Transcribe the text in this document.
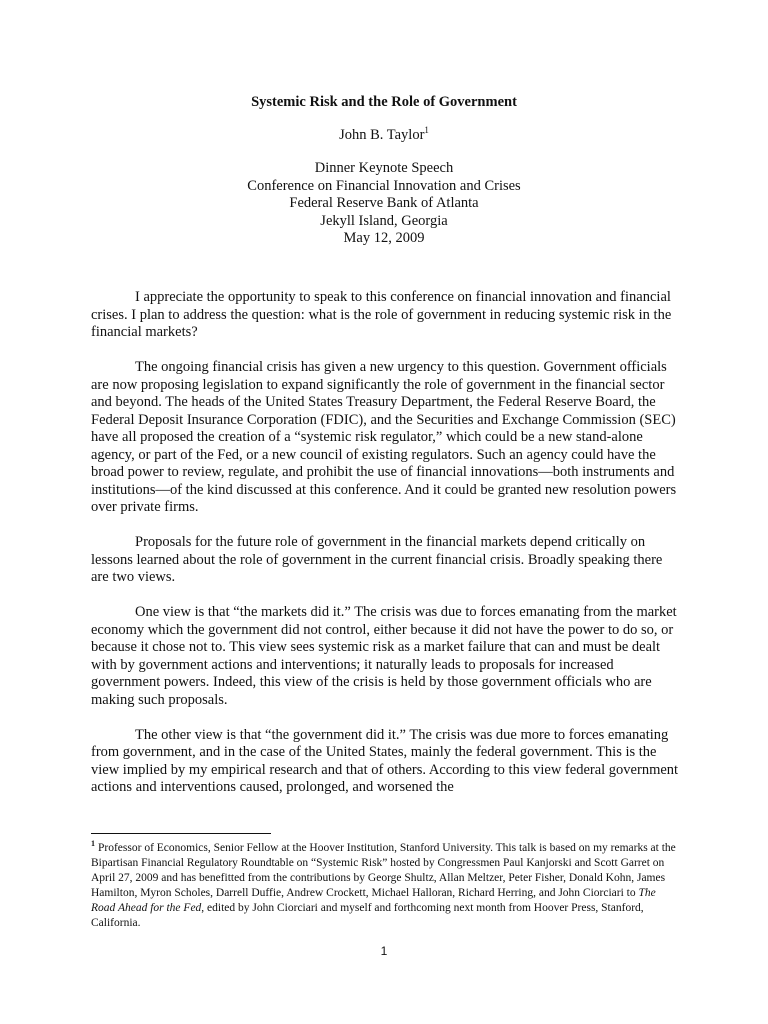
Systemic Risk and the Role of Government
John B. Taylor$^1$
Dinner Keynote Speech
Conference on Financial Innovation and Crises
Federal Reserve Bank of Atlanta
Jekyll Island, Georgia
May 12, 2009

I appreciate the opportunity to speak to this conference on financial innovation and financial crises. I plan to address the question: what is the role of government in reducing systemic risk in the financial markets?

The ongoing financial crisis has given a new urgency to this question. Government officials are now proposing legislation to expand significantly the role of government in the financial sector and beyond. The heads of the United States Treasury Department, the Federal Reserve Board, the Federal Deposit Insurance Corporation (FDIC), and the Securities and Exchange Commission (SEC) have all proposed the creation of a “systemic risk regulator,” which could be a new stand-alone agency, or part of the Fed, or a new council of existing regulators. Such an agency could have the broad power to review, regulate, and prohibit the use of financial innovations—both instruments and institutions—of the kind discussed at this conference. And it could be granted new resolution powers over private firms.

Proposals for the future role of government in the financial markets depend critically on lessons learned about the role of government in the current financial crisis. Broadly speaking there are two views.

One view is that “the markets did it.” The crisis was due to forces emanating from the market economy which the government did not control, either because it did not have the power to do so, or because it chose not to. This view sees systemic risk as a market failure that can and must be dealt with by government actions and interventions; it naturally leads to proposals for increased government powers. Indeed, this view of the crisis is held by those government officials who are making such proposals.

The other view is that “the government did it.” The crisis was due more to forces emanating from government, and in the case of the United States, mainly the federal government. This is the view implied by my empirical research and that of others. According to this view federal government actions and interventions caused, prolonged, and worsened the

$^1$ Professor of Economics, Senior Fellow at the Hoover Institution, Stanford University. This talk is based on my remarks at the Bipartisan Financial Regulatory Roundtable on “Systemic Risk” hosted by Congressmen Paul Kanjorski and Scott Garret on April 27, 2009 and has benefitted from the contributions by George Shultz, Allan Meltzer, Peter Fisher, Donald Kohn, James Hamilton, Myron Scholes, Darrell Duffie, Andrew Crockett, Michael Halloran, Richard Herring, and John Ciorciari to The Road Ahead for the Fed, edited by John Ciorciari and myself and forthcoming next month from Hoover Press, Stanford, California.
1
